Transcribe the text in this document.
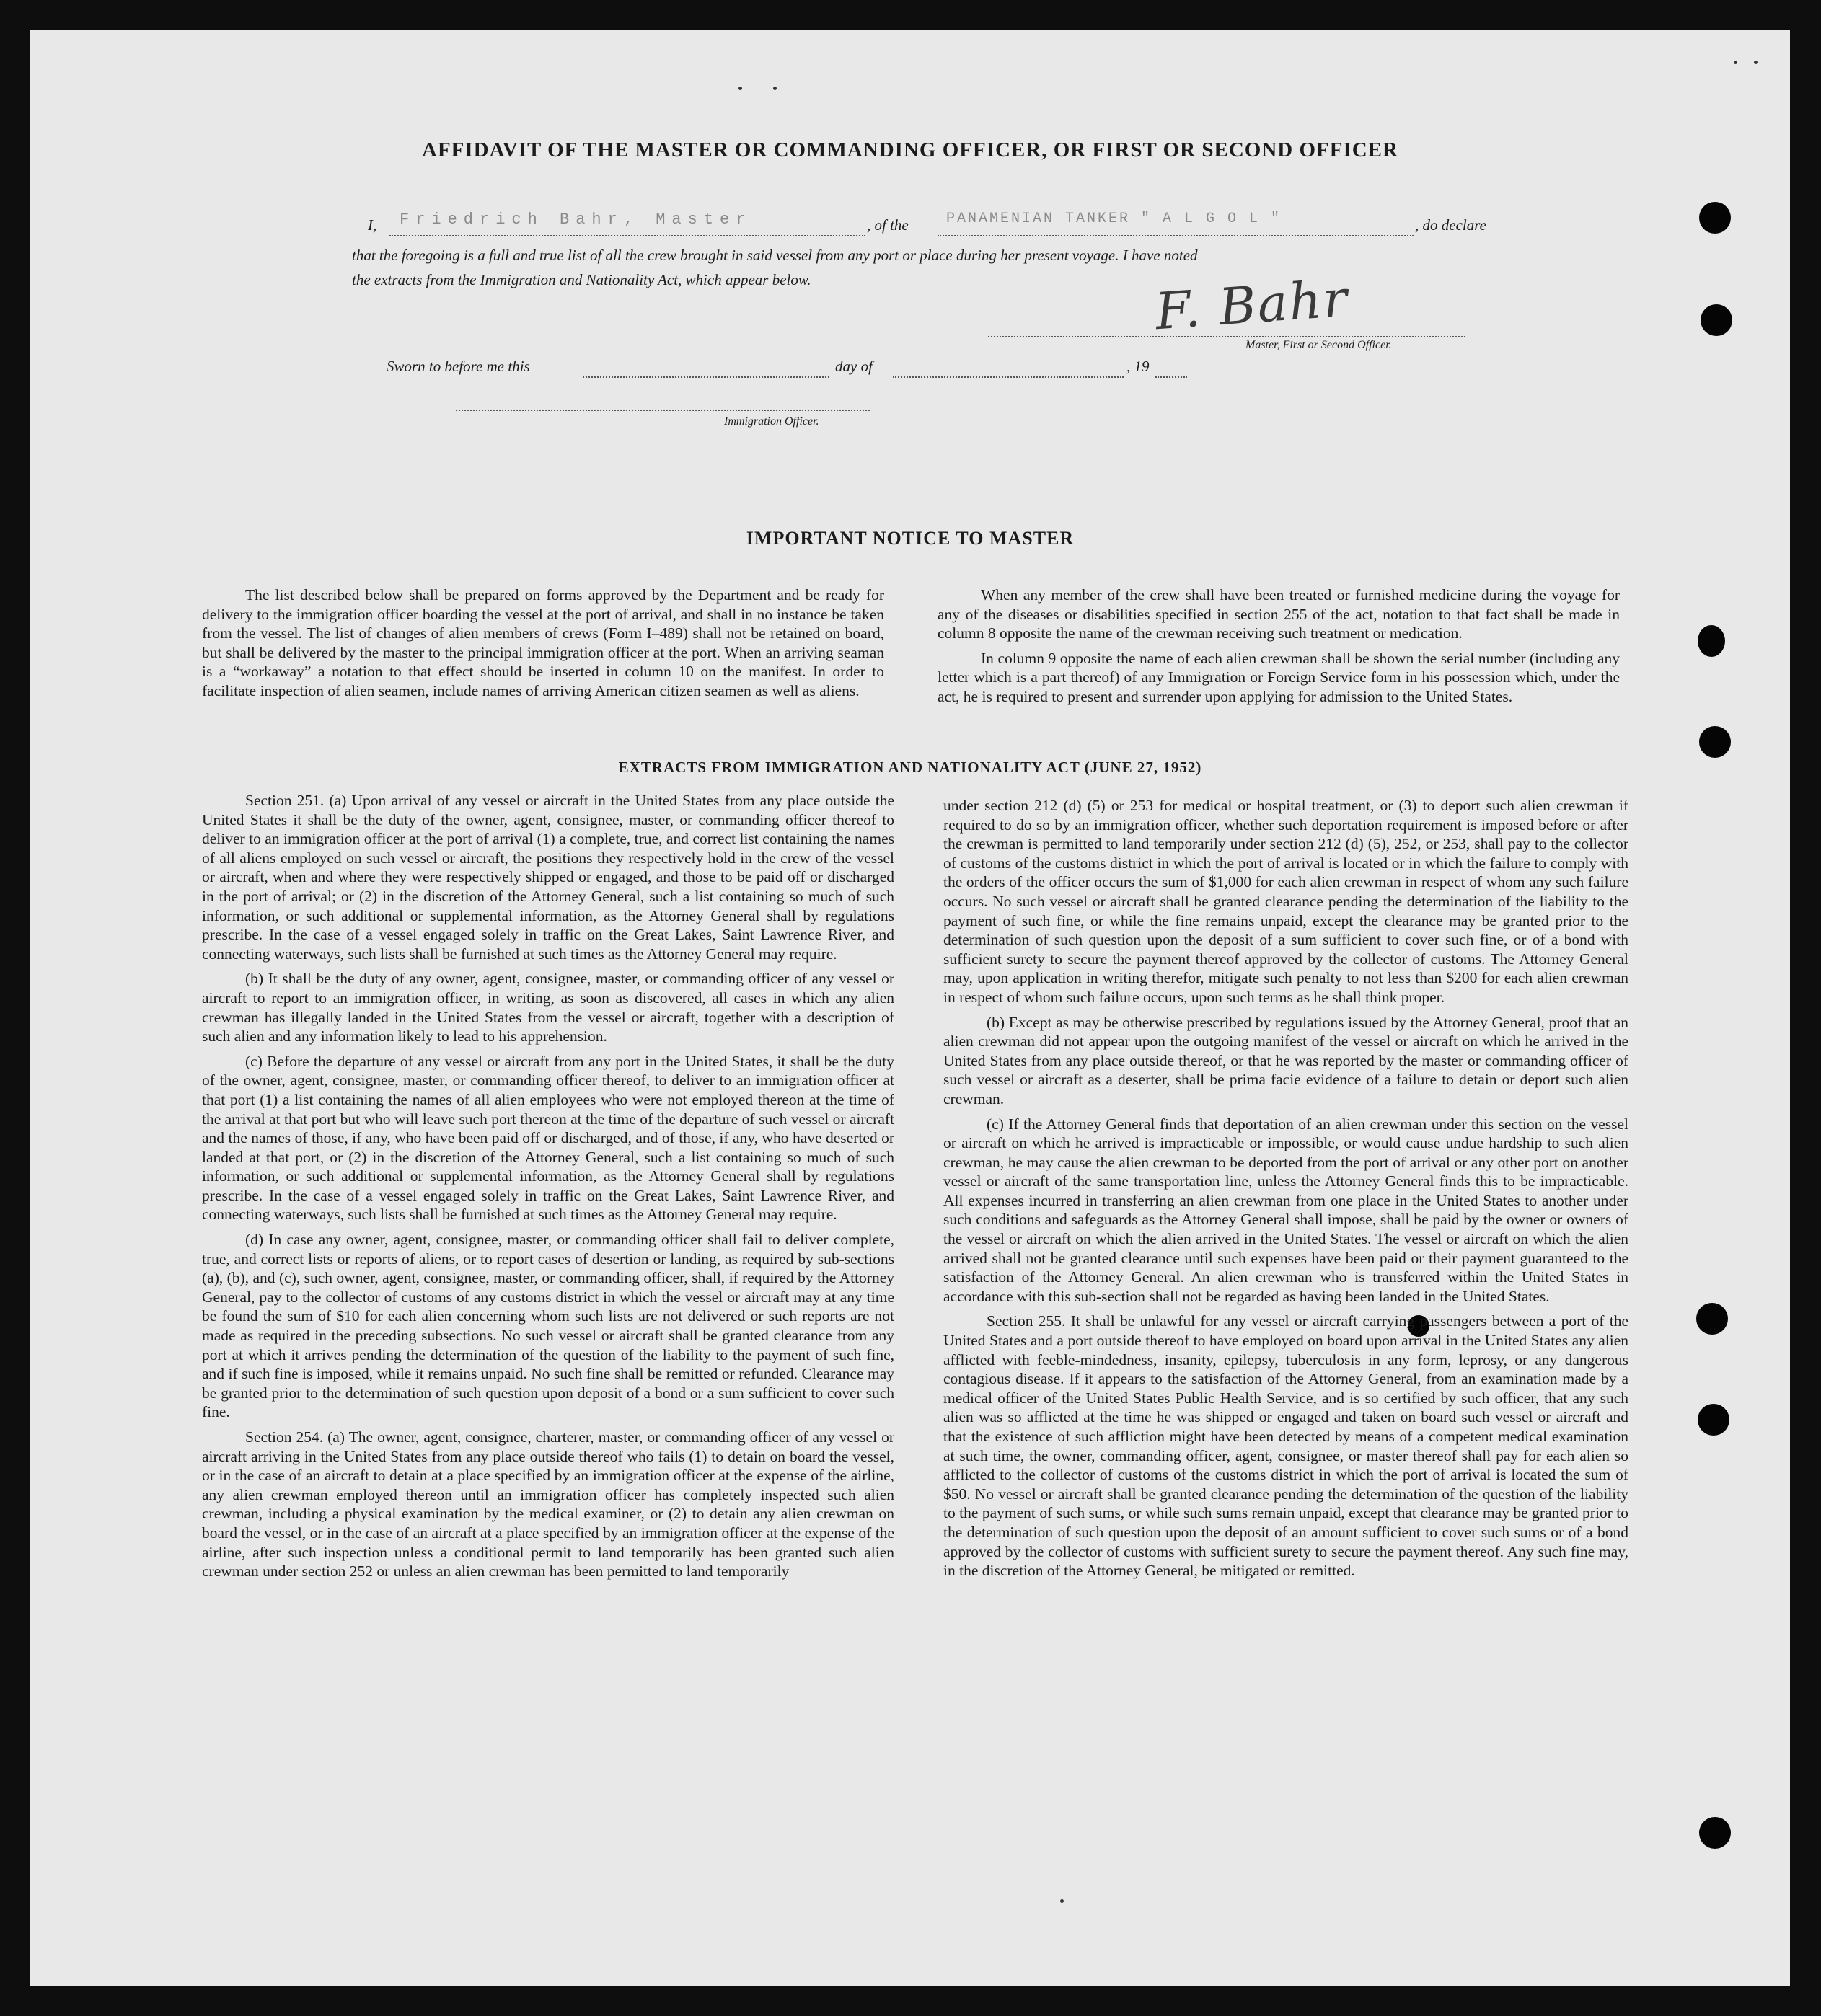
AFFIDAVIT OF THE MASTER OR COMMANDING OFFICER, OR FIRST OR SECOND OFFICER
I, Friedrich Bahr, Master	, of the	PANAMENIAN TANKER " A L G O L "	, do declare
that the foregoing is a full and true list of all the crew brought in said vessel from any port or place during her present voyage. I have noted
the extracts from the Immigration and Nationality Act, which appear below.	F. Bahr
Master, First or Second Officer.
Sworn to before me this	day of	, 19
Immigration Officer.
IMPORTANT NOTICE TO MASTER

The list described below shall be prepared on forms approved by the Department and be ready for delivery to the immigration officer boarding the vessel at the port of arrival, and shall in no instance be taken from the vessel. The list of changes of alien members of crews (Form I–489) shall not be retained on board, but shall be delivered by the master to the principal immigration officer at the port. When an arriving seaman is a “workaway” a notation to that effect should be inserted in column 10 on the manifest. In order to facilitate inspection of alien seamen, include names of arriving American citizen seamen as well as aliens.

When any member of the crew shall have been treated or furnished medicine during the voyage for any of the diseases or disabilities specified in section 255 of the act, notation to that fact shall be made in column 8 opposite the name of the crewman receiving such treatment or medication.

In column 9 opposite the name of each alien crewman shall be shown the serial number (including any letter which is a part thereof) of any Immigration or Foreign Service form in his possession which, under the act, he is required to present and surrender upon applying for admission to the United States.

EXTRACTS FROM IMMIGRATION AND NATIONALITY ACT (JUNE 27, 1952)

Section 251. (a) Upon arrival of any vessel or aircraft in the United States from any place outside the United States it shall be the duty of the owner, agent, consignee, master, or commanding officer thereof to deliver to an immigration officer at the port of arrival (1) a complete, true, and correct list containing the names of all aliens employed on such vessel or aircraft, the positions they respectively hold in the crew of the vessel or aircraft, when and where they were respectively shipped or engaged, and those to be paid off or discharged in the port of arrival; or (2) in the discretion of the Attorney General, such a list containing so much of such information, or such additional or supplemental information, as the Attorney General shall by regulations prescribe. In the case of a vessel engaged solely in traffic on the Great Lakes, Saint Lawrence River, and connecting waterways, such lists shall be furnished at such times as the Attorney General may require.

(b) It shall be the duty of any owner, agent, consignee, master, or commanding officer of any vessel or aircraft to report to an immigration officer, in writing, as soon as discovered, all cases in which any alien crewman has illegally landed in the United States from the vessel or aircraft, together with a description of such alien and any information likely to lead to his apprehension.

(c) Before the departure of any vessel or aircraft from any port in the United States, it shall be the duty of the owner, agent, consignee, master, or commanding officer thereof, to deliver to an immigration officer at that port (1) a list containing the names of all alien employees who were not employed thereon at the time of the arrival at that port but who will leave such port thereon at the time of the departure of such vessel or aircraft and the names of those, if any, who have been paid off or discharged, and of those, if any, who have deserted or landed at that port, or (2) in the discretion of the Attorney General, such a list containing so much of such information, or such additional or supplemental information, as the Attorney General shall by regulations prescribe. In the case of a vessel engaged solely in traffic on the Great Lakes, Saint Lawrence River, and connecting waterways, such lists shall be furnished at such times as the Attorney General may require.

(d) In case any owner, agent, consignee, master, or commanding officer shall fail to deliver complete, true, and correct lists or reports of aliens, or to report cases of desertion or landing, as required by sub-sections (a), (b), and (c), such owner, agent, consignee, master, or commanding officer, shall, if required by the Attorney General, pay to the collector of customs of any customs district in which the vessel or aircraft may at any time be found the sum of $10 for each alien concerning whom such lists are not delivered or such reports are not made as required in the preceding subsections. No such vessel or aircraft shall be granted clearance from any port at which it arrives pending the determination of the question of the liability to the payment of such fine, and if such fine is imposed, while it remains unpaid. No such fine shall be remitted or refunded. Clearance may be granted prior to the determination of such question upon deposit of a bond or a sum sufficient to cover such fine.

Section 254. (a) The owner, agent, consignee, charterer, master, or commanding officer of any vessel or aircraft arriving in the United States from any place outside thereof who fails (1) to detain on board the vessel, or in the case of an aircraft to detain at a place specified by an immigration officer at the expense of the airline, any alien crewman employed thereon until an immigration officer has completely inspected such alien crewman, including a physical examination by the medical examiner, or (2) to detain any alien crewman on board the vessel, or in the case of an aircraft at a place specified by an immigration officer at the expense of the airline, after such inspection unless a conditional permit to land temporarily has been granted such alien crewman under section 252 or unless an alien crewman has been permitted to land temporarily

under section 212 (d) (5) or 253 for medical or hospital treatment, or (3) to deport such alien crewman if required to do so by an immigration officer, whether such deportation requirement is imposed before or after the crewman is permitted to land temporarily under section 212 (d) (5), 252, or 253, shall pay to the collector of customs of the customs district in which the port of arrival is located or in which the failure to comply with the orders of the officer occurs the sum of $1,000 for each alien crewman in respect of whom any such failure occurs. No such vessel or aircraft shall be granted clearance pending the determination of the liability to the payment of such fine, or while the fine remains unpaid, except the clearance may be granted prior to the determination of such question upon the deposit of a sum sufficient to cover such fine, or of a bond with sufficient surety to secure the payment thereof approved by the collector of customs. The Attorney General may, upon application in writing therefor, mitigate such penalty to not less than $200 for each alien crewman in respect of whom such failure occurs, upon such terms as he shall think proper.

(b) Except as may be otherwise prescribed by regulations issued by the Attorney General, proof that an alien crewman did not appear upon the outgoing manifest of the vessel or aircraft on which he arrived in the United States from any place outside thereof, or that he was reported by the master or commanding officer of such vessel or aircraft as a deserter, shall be prima facie evidence of a failure to detain or deport such alien crewman.

(c) If the Attorney General finds that deportation of an alien crewman under this section on the vessel or aircraft on which he arrived is impracticable or impossible, or would cause undue hardship to such alien crewman, he may cause the alien crewman to be deported from the port of arrival or any other port on another vessel or aircraft of the same transportation line, unless the Attorney General finds this to be impracticable. All expenses incurred in transferring an alien crewman from one place in the United States to another under such conditions and safeguards as the Attorney General shall impose, shall be paid by the owner or owners of the vessel or aircraft on which the alien arrived in the United States. The vessel or aircraft on which the alien arrived shall not be granted clearance until such expenses have been paid or their payment guaranteed to the satisfaction of the Attorney General. An alien crewman who is transferred within the United States in accordance with this sub-section shall not be regarded as having been landed in the United States.

Section 255. It shall be unlawful for any vessel or aircraft carrying passengers between a port of the United States and a port outside thereof to have employed on board upon arrival in the United States any alien afflicted with feeble-mindedness, insanity, epilepsy, tuberculosis in any form, leprosy, or any dangerous contagious disease. If it appears to the satisfaction of the Attorney General, from an examination made by a medical officer of the United States Public Health Service, and is so certified by such officer, that any such alien was so afflicted at the time he was shipped or engaged and taken on board such vessel or aircraft and that the existence of such affliction might have been detected by means of a competent medical examination at such time, the owner, commanding officer, agent, consignee, or master thereof shall pay for each alien so afflicted to the collector of customs of the customs district in which the port of arrival is located the sum of $50. No vessel or aircraft shall be granted clearance pending the determination of the question of the liability to the payment of such sums, or while such sums remain unpaid, except that clearance may be granted prior to the determination of such question upon the deposit of an amount sufficient to cover such sums or of a bond approved by the collector of customs with sufficient surety to secure the payment thereof. Any such fine may, in the discretion of the Attorney General, be mitigated or remitted.
